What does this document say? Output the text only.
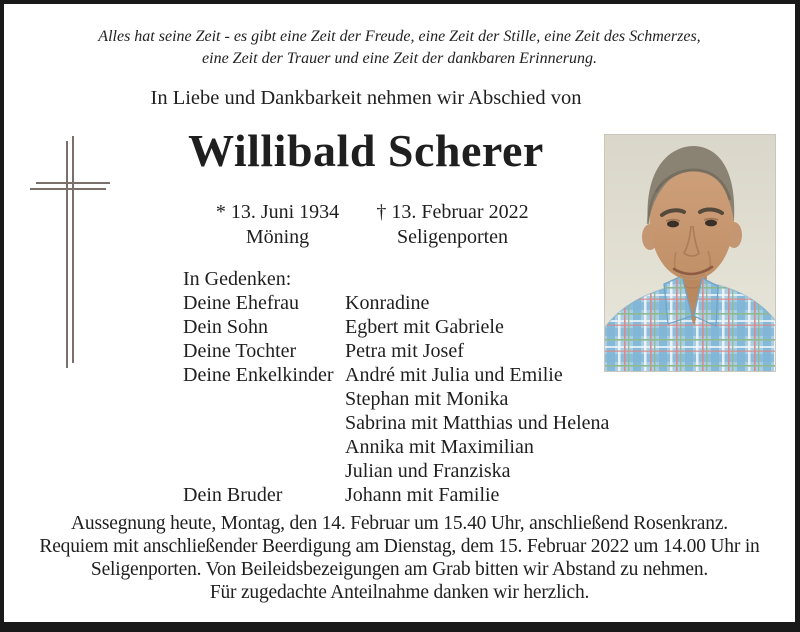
Alles hat seine Zeit - es gibt eine Zeit der Freude, eine Zeit der Stille, eine Zeit des Schmerzes,
eine Zeit der Trauer und eine Zeit der dankbaren Erinnerung.
In Liebe und Dankbarkeit nehmen wir Abschied von
Willibald Scherer
* 13. Juni 1934
Möning
† 13. Februar 2022
Seligenporten
In Gedenken:
Deine Ehefrau Konradine
Dein Sohn	Egbert mit Gabriele
Deine Tochter Petra mit Josef
Deine Enkelkinder André mit Julia und Emilie
Stephan mit Monika
Sabrina mit Matthias und Helena
Annika mit Maximilian
Julian und Franziska
Dein Bruder	Johann mit Familie
Aussegnung heute, Montag, den 14. Februar um 15.40 Uhr, anschließend Rosenkranz.
Requiem mit anschließender Beerdigung am Dienstag, dem 15. Februar 2022 um 14.00 Uhr in
Seligenporten. Von Beileidsbezeigungen am Grab bitten wir Abstand zu nehmen.
Für zugedachte Anteilnahme danken wir herzlich.
